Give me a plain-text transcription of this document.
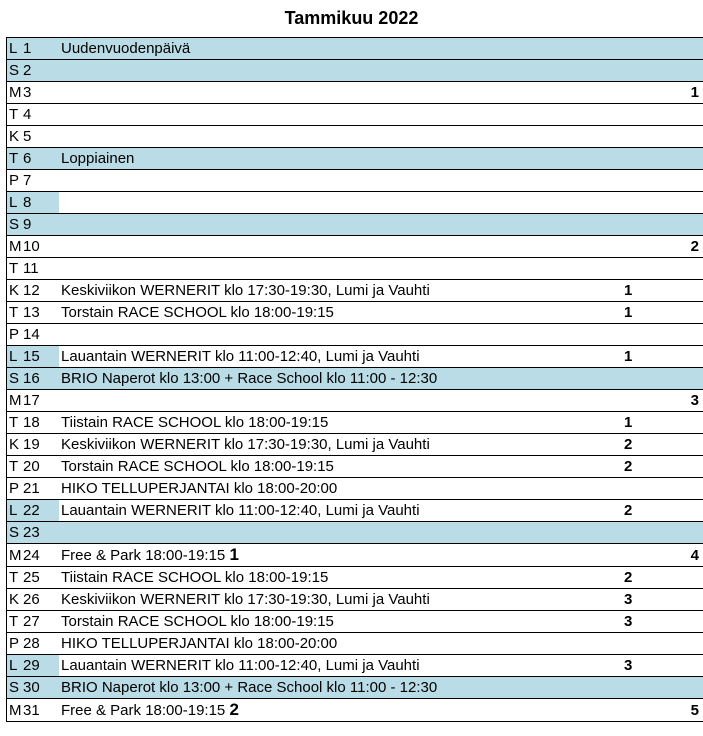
Tammikuu 2022
L 1	Uudenvuodenpäivä		
S 2			
M 3			1
T 4			
K 5			
T 6	Loppiainen		
P 7			
L 8			
S 9			
M 10			2
T 11			
K 12	Keskiviikon WERNERIT klo 17:30-19:30, Lumi ja Vauhti	1	
T 13	Torstain RACE SCHOOL klo 18:00-19:15	1	
P 14			
L 15	Lauantain WERNERIT klo 11:00-12:40, Lumi ja Vauhti	1	
S 16	BRIO Naperot klo 13:00 + Race School klo 11:00 - 12:30		
M 17			3
T 18	Tiistain RACE SCHOOL klo 18:00-19:15	1	
K 19	Keskiviikon WERNERIT klo 17:30-19:30, Lumi ja Vauhti	2	
T 20	Torstain RACE SCHOOL klo 18:00-19:15	2	
P 21	HIKO TELLUPERJANTAI klo 18:00-20:00		
L 22	Lauantain WERNERIT klo 11:00-12:40, Lumi ja Vauhti	2	
S 23			
M 24	Free & Park 18:00-19:15 1		4
T 25	Tiistain RACE SCHOOL klo 18:00-19:15	2	
K 26	Keskiviikon WERNERIT klo 17:30-19:30, Lumi ja Vauhti	3	
T 27	Torstain RACE SCHOOL klo 18:00-19:15	3	
P 28	HIKO TELLUPERJANTAI klo 18:00-20:00		
L 29	Lauantain WERNERIT klo 11:00-12:40, Lumi ja Vauhti	3	
S 30	BRIO Naperot klo 13:00 + Race School klo 11:00 - 12:30		
M 31	Free & Park 18:00-19:15 2		5
